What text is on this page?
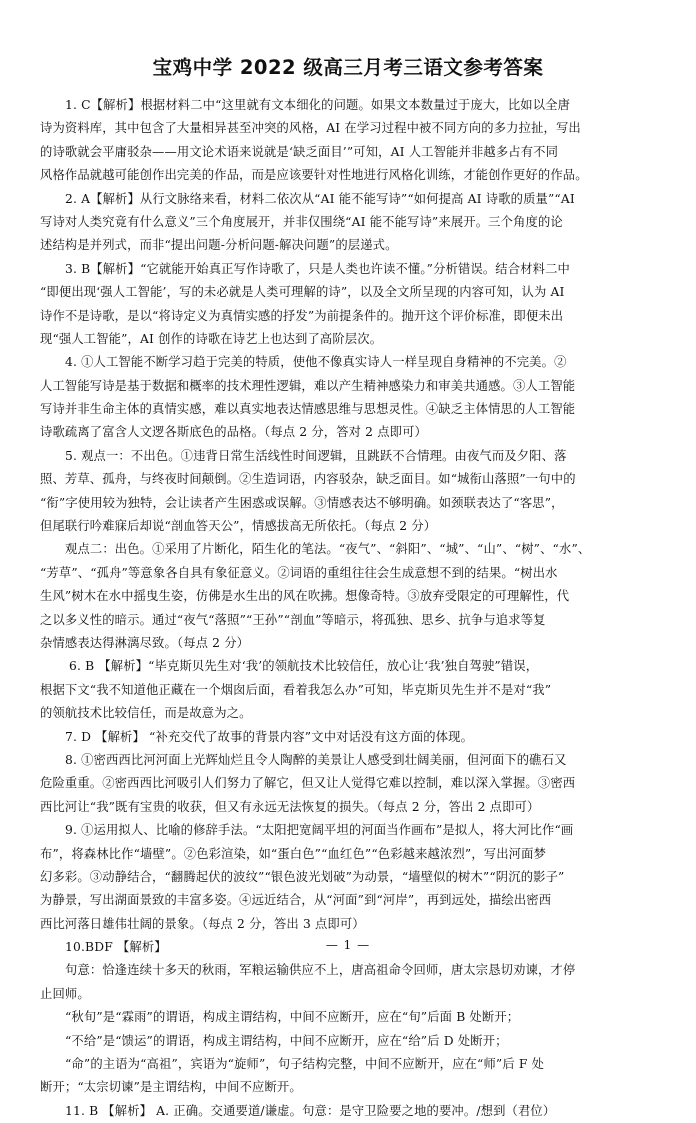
宝鸡中学 2022 级高三月考三语文参考答案
1. C【解析】根据材料二中“这里就有文本细化的问题。如果文本数量过于庞大，比如以全唐
诗为资料库，其中包含了大量相异甚至冲突的风格，AI 在学习过程中被不同方向的多力拉扯，写出
的诗歌就会平庸驳杂——用文论术语来说就是‘缺乏面目’”可知，AI 人工智能并非越多占有不同
风格作品就越可能创作出完美的作品，而是应该要针对性地进行风格化训练，才能创作更好的作品。
2. A【解析】从行文脉络来看，材料二依次从“AI 能不能写诗”“如何提高 AI 诗歌的质量”“AI
写诗对人类究竟有什么意义”三个角度展开，并非仅围绕“AI 能不能写诗”来展开。三个角度的论
述结构是并列式，而非“提出问题-分析问题-解决问题”的层递式。
3. B【解析】“它就能开始真正写作诗歌了，只是人类也许读不懂。”分析错误。结合材料二中
“即便出现‘强人工智能’，写的未必就是人类可理解的诗”，以及全文所呈现的内容可知，认为 AI
诗作不是诗歌，是以“将诗定义为真情实感的抒发”为前提条件的。抛开这个评价标准，即便未出
现“强人工智能”，AI 创作的诗歌在诗艺上也达到了高阶层次。
4. ①人工智能不断学习趋于完美的特质，使他不像真实诗人一样呈现自身精神的不完美。②
人工智能写诗是基于数据和概率的技术理性逻辑，难以产生精神感染力和审美共通感。③人工智能
写诗并非生命主体的真情实感，难以真实地表达情感思维与思想灵性。④缺乏主体情思的人工智能
诗歌疏离了富含人文逻各斯底色的品格。（每点 2 分，答对 2 点即可）
5. 观点一：不出色。①违背日常生活线性时间逻辑，且跳跃不合情理。由夜气而及夕阳、落
照、芳草、孤舟，与终夜时间颠倒。②生造词语，内容驳杂，缺乏面目。如“城衔山落照”一句中的
“衔”字使用较为独特，会让读者产生困惑或误解。③情感表达不够明确。如颈联表达了“客思”，
但尾联行吟难寐后却说“剖血答天公”，情感拔高无所依托。（每点 2 分）
观点二：出色。①采用了片断化，陌生化的笔法。“夜气”、“斜阳”、“城”、“山”、“树”、“水”、
“芳草”、“孤舟”等意象各自具有象征意义。②词语的重组往往会生成意想不到的结果。“树出水
生风”树木在水中摇曳生姿，仿佛是水生出的风在吹拂。想像奇特。③放弃受限定的可理解性，代
之以多义性的暗示。通过“夜气“落照”“王孙”“剖血”等暗示，将孤独、思乡、抗争与追求等复
杂情感表达得淋漓尽致。（每点 2 分）
6. B 【解析】“毕克斯贝先生对‘我’的领航技术比较信任，放心让‘我’独自驾驶”错误，
根据下文“我不知道他正藏在一个烟囱后面，看着我怎么办”可知，毕克斯贝先生并不是对“我”
的领航技术比较信任，而是故意为之。
7. D 【解析】 “补充交代了故事的背景内容”文中对话没有这方面的体现。
8. ①密西西比河河面上光辉灿烂且令人陶醉的美景让人感受到壮阔美丽，但河面下的礁石又
危险重重。②密西西比河吸引人们努力了解它，但又让人觉得它难以控制，难以深入掌握。③密西
西比河让“我”既有宝贵的收获，但又有永远无法恢复的损失。（每点 2 分，答出 2 点即可）
9. ①运用拟人、比喻的修辞手法。“太阳把宽阔平坦的河面当作画布”是拟人，将大河比作“画
布”，将森林比作“墙壁”。②色彩渲染，如“蛋白色”“血红色”“色彩越来越浓烈”，写出河面梦
幻多彩。③动静结合，“翻腾起伏的波纹”“银色波光划破”为动景，“墙壁似的树木”“阴沉的影子”
为静景，写出湖面景致的丰富多姿。④远近结合，从“河面”到“河岸”，再到远处，描绘出密西
西比河落日雄伟壮阔的景象。（每点 2 分，答出 3 点即可）
10.BDF 【解析】
句意：恰逢连续十多天的秋雨，军粮运输供应不上，唐高祖命令回师，唐太宗恳切劝谏，才停
止回师。
“秋旬”是“霖雨”的谓语，构成主谓结构，中间不应断开，应在“旬”后面 B 处断开；
“不给”是“馈运”的谓语，构成主谓结构，中间不应断开，应在“给”后 D 处断开；
“命”的主语为“高祖”，宾语为“旋师”，句子结构完整，中间不应断开，应在“师”后 F 处
断开；“太宗切谏”是主谓结构，中间不应断开。
11. B 【解析】 A. 正确。交通要道/谦虚。句意：是守卫险要之地的要冲。/想到（君位）
— 1 —
